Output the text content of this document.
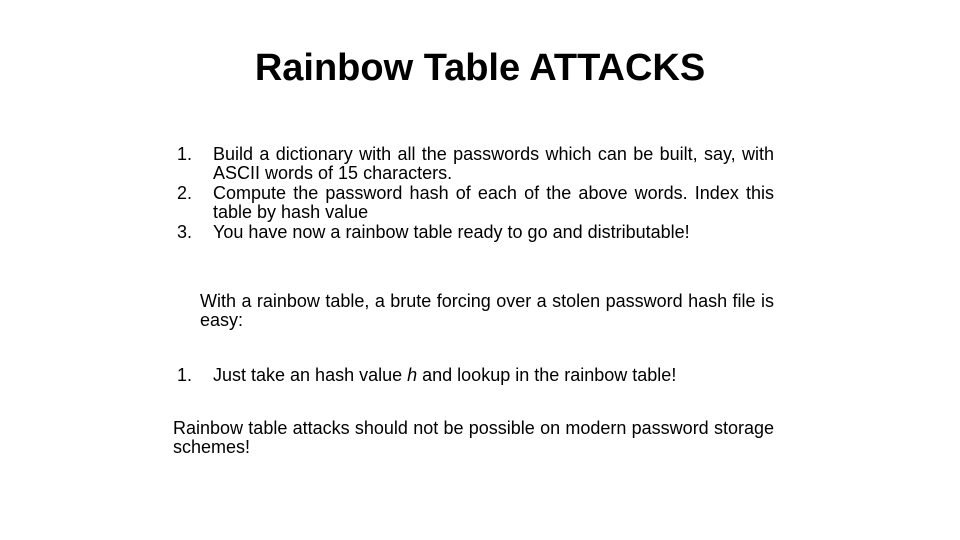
Rainbow Table ATTACKS
1. Build a dictionary with all the passwords which can be built, say, with ASCII words of 15 characters.
2. Compute the password hash of each of the above words. Index this table by hash value
3. You have now a rainbow table ready to go and distributable!
With a rainbow table, a brute forcing over a stolen password hash file is easy:
1. Just take an hash value h and lookup in the rainbow table!
Rainbow table attacks should not be possible on modern password storage schemes!
